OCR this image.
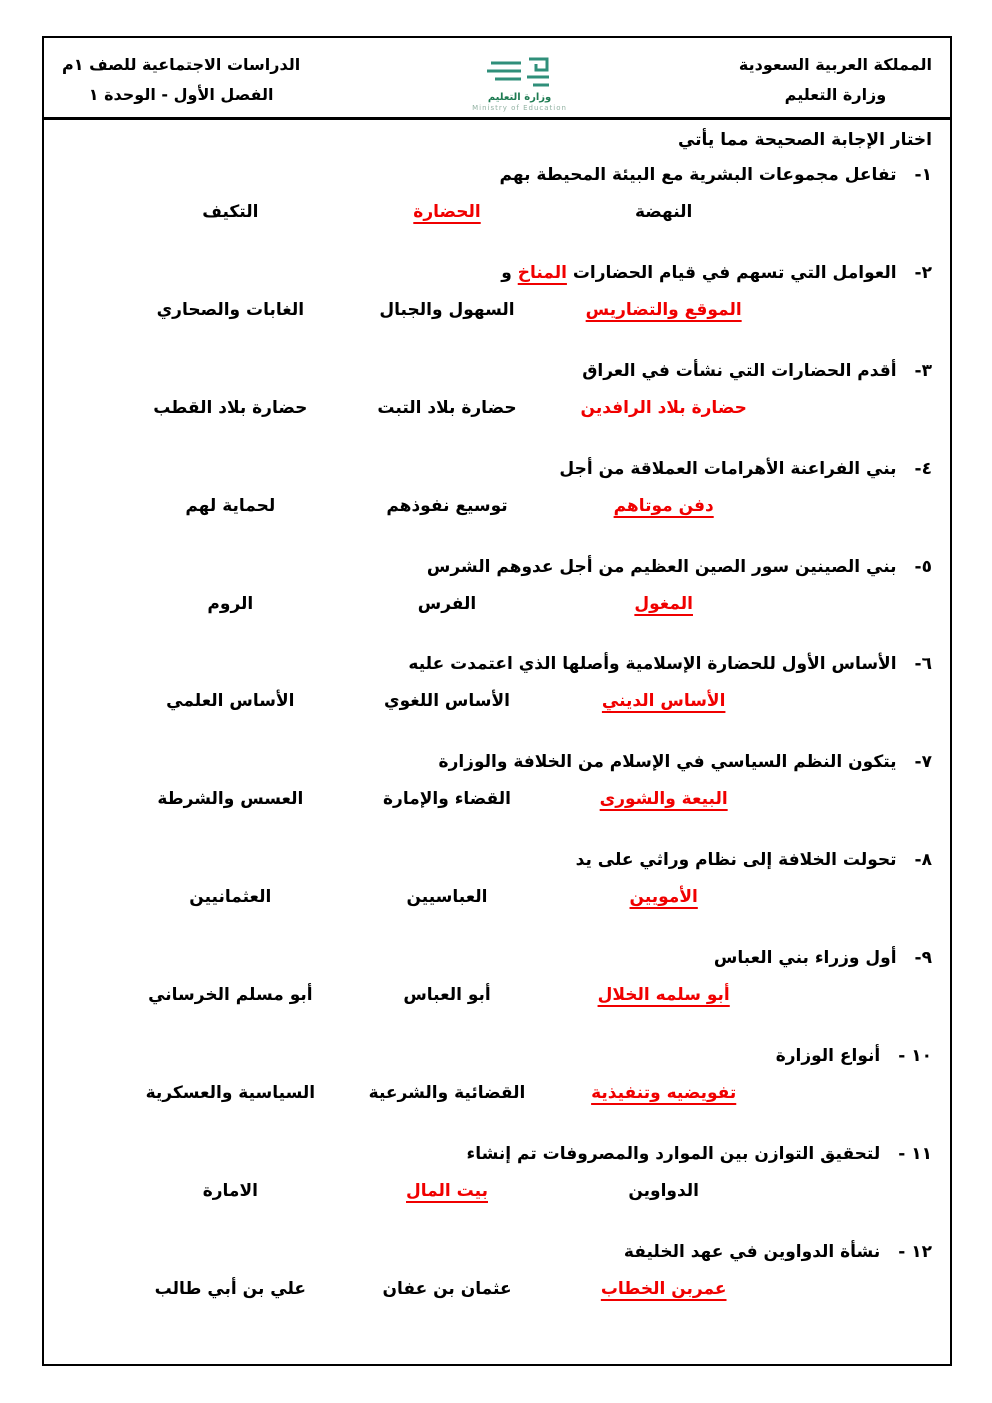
المملكة العربية السعودية
وزارة التعليم
وزارة التعليم
Ministry of Education
الدراسات الاجتماعية للصف ١م
الفصل الأول - الوحدة ١
اختار الإجابة الصحيحة مما يأتي
١-
تفاعل مجموعات البشرية مع البيئة المحيطة بهم
النهضة
الحضارة
التكيف
٢-
العوامل التي تسهم في قيام الحضارات المناخ و
الموقع والتضاريس
السهول والجبال
الغابات والصحاري
٣-
أقدم الحضارات التي نشأت في العراق
حضارة بلاد الرافدين
حضارة بلاد التبت
حضارة بلاد القطب
٤-
بني الفراعنة الأهرامات العملاقة من أجل
دفن موتاهم
توسيع نفوذهم
لحماية لهم
٥-
بني الصينين سور الصين العظيم من أجل عدوهم الشرس
المغول
الفرس
الروم
٦-
الأساس الأول للحضارة الإسلامية وأصلها الذي اعتمدت عليه
الأساس الديني
الأساس اللغوي
الأساس العلمي
٧-
يتكون النظم السياسي في الإسلام من الخلافة والوزارة
البيعة والشورى
القضاء والإمارة
العسس والشرطة
٨-
تحولت الخلافة إلى نظام وراثي على يد
الأمويين
العباسيين
العثمانيين
٩-
أول وزراء بني العباس
أبو سلمه الخلال
أبو العباس
أبو مسلم الخرساني
١٠ -
أنواع الوزارة
تفويضيه وتنفيذية
القضائية والشرعية
السياسية والعسكرية
١١ -
لتحقيق التوازن بين الموارد والمصروفات تم إنشاء
الدواوين
بيت المال
الامارة
١٢ -
نشأة الدواوين في عهد الخليفة
عمربن الخطاب
عثمان بن عفان
علي بن أبي طالب
